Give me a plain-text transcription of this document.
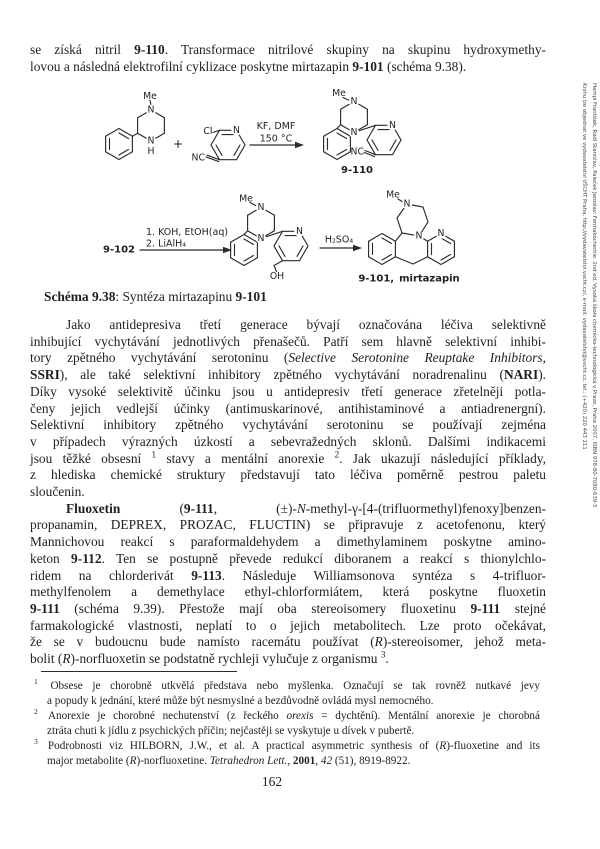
Hampl František, Rádl Stanislav, Paleček Jaroslav: Farmakochemie. 2nd ed. Vysoká škola chemicko-technologická v Praze, Praha 2007. ISBN 978-80-7080-639-5
Knihu lze objednat ve vydavatelství VŠCHT Praha, http://vydavatelstvi.vscht.cz/, e-mail: vydavatelstvi@vscht.cz, tel.: (+420) 220 443 211
se získá nitril 9-110. Transformace nitrilové skupiny na skupinu hydroxymethy-
lovou a následná elektrofilní cyklizace poskytne mirtazapin 9-101 (schéma 9.38).
Me
N
N
H
+
N
Cl
NC
KF, DMF
150 °C
Me
N
N
N
NC
9-110
9-102
1. KOH, EtOH(aq)
2. LiAlH₄
Me
N
N
N
OH
H₂SO₄
Me
N
N N
9-101, mirtazapin
Schéma 9.38: Syntéza mirtazapinu 9-101
Jako antidepresiva třetí generace bývají označována léčiva selektivně
inhibující vychytávání jednotlivých přenašečů. Patří sem hlavně selektivní inhibi-
tory zpětného vychytávání serotoninu (Selective Serotonine Reuptake Inhibitors,
SSRI), ale také selektivní inhibitory zpětného vychytávání noradrenalinu (NARI).
Díky vysoké selektivitě účinku jsou u antidepresiv třetí generace zřetelněji potla-
čeny jejich vedlejší účinky (antimuskarinové, antihistaminové a antiadrenergní).
Selektivní inhibitory zpětného vychytávání serotoninu se používají zejména
v případech výrazných úzkostí a sebevražedných sklonů. Dalšími indikacemi
jsou těžké obsesní $^1$ stavy a mentální anorexie $^2$. Jak ukazují následující příklady,
z hlediska chemické struktury představují tato léčiva poměrně pestrou paletu
sloučenin.
Fluoxetin (9-111, (±)-N-methyl-γ-[4-(trifluormethyl)fenoxy]benzen-
propanamin, DEPREX, PROZAC, FLUCTIN) se připravuje z acetofenonu, který
Mannichovou reakcí s paraformaldehydem a dimethylaminem poskytne amino-
keton 9-112. Ten se postupně převede redukcí diboranem a reakcí s thionylchlo-
ridem na chlorderivát 9-113. Následuje Williamsonova syntéza s 4-trifluor-
methylfenolem a demethylace ethyl-chlorformiátem, která poskytne fluoxetin
9-111 (schéma 9.39). Přestože mají oba stereoisomery fluoxetinu 9-111 stejné
farmakologické vlastnosti, neplatí to o jejich metabolitech. Lze proto očekávat,
že se v budoucnu bude namísto racemátu používat (R)-stereoisomer, jehož meta-
bolit (R)-norfluoxetin se podstatně rychleji vylučuje z organismu $^3$.
$^1$ Obsese je chorobně utkvělá představa nebo myšlenka. Označují se tak rovněž nutkavé jevy
a popudy k jednání, které může být nesmyslné a bezdůvodně ovládá mysl nemocného.
$^2$ Anorexie je chorobné nechutenství (z řeckého orexis = dychtění). Mentální anorexie je chorobná
ztráta chuti k jídlu z psychických příčin; nejčastěji se vyskytuje u dívek v pubertě.
$^3$ Podrobnosti viz HILBORN, J.W., et al. A practical asymmetric synthesis of (R)-fluoxetine and its
major metabolite (R)-norfluoxetine. Tetrahedron Lett., 2001, 42 (51), 8919-8922.
162
